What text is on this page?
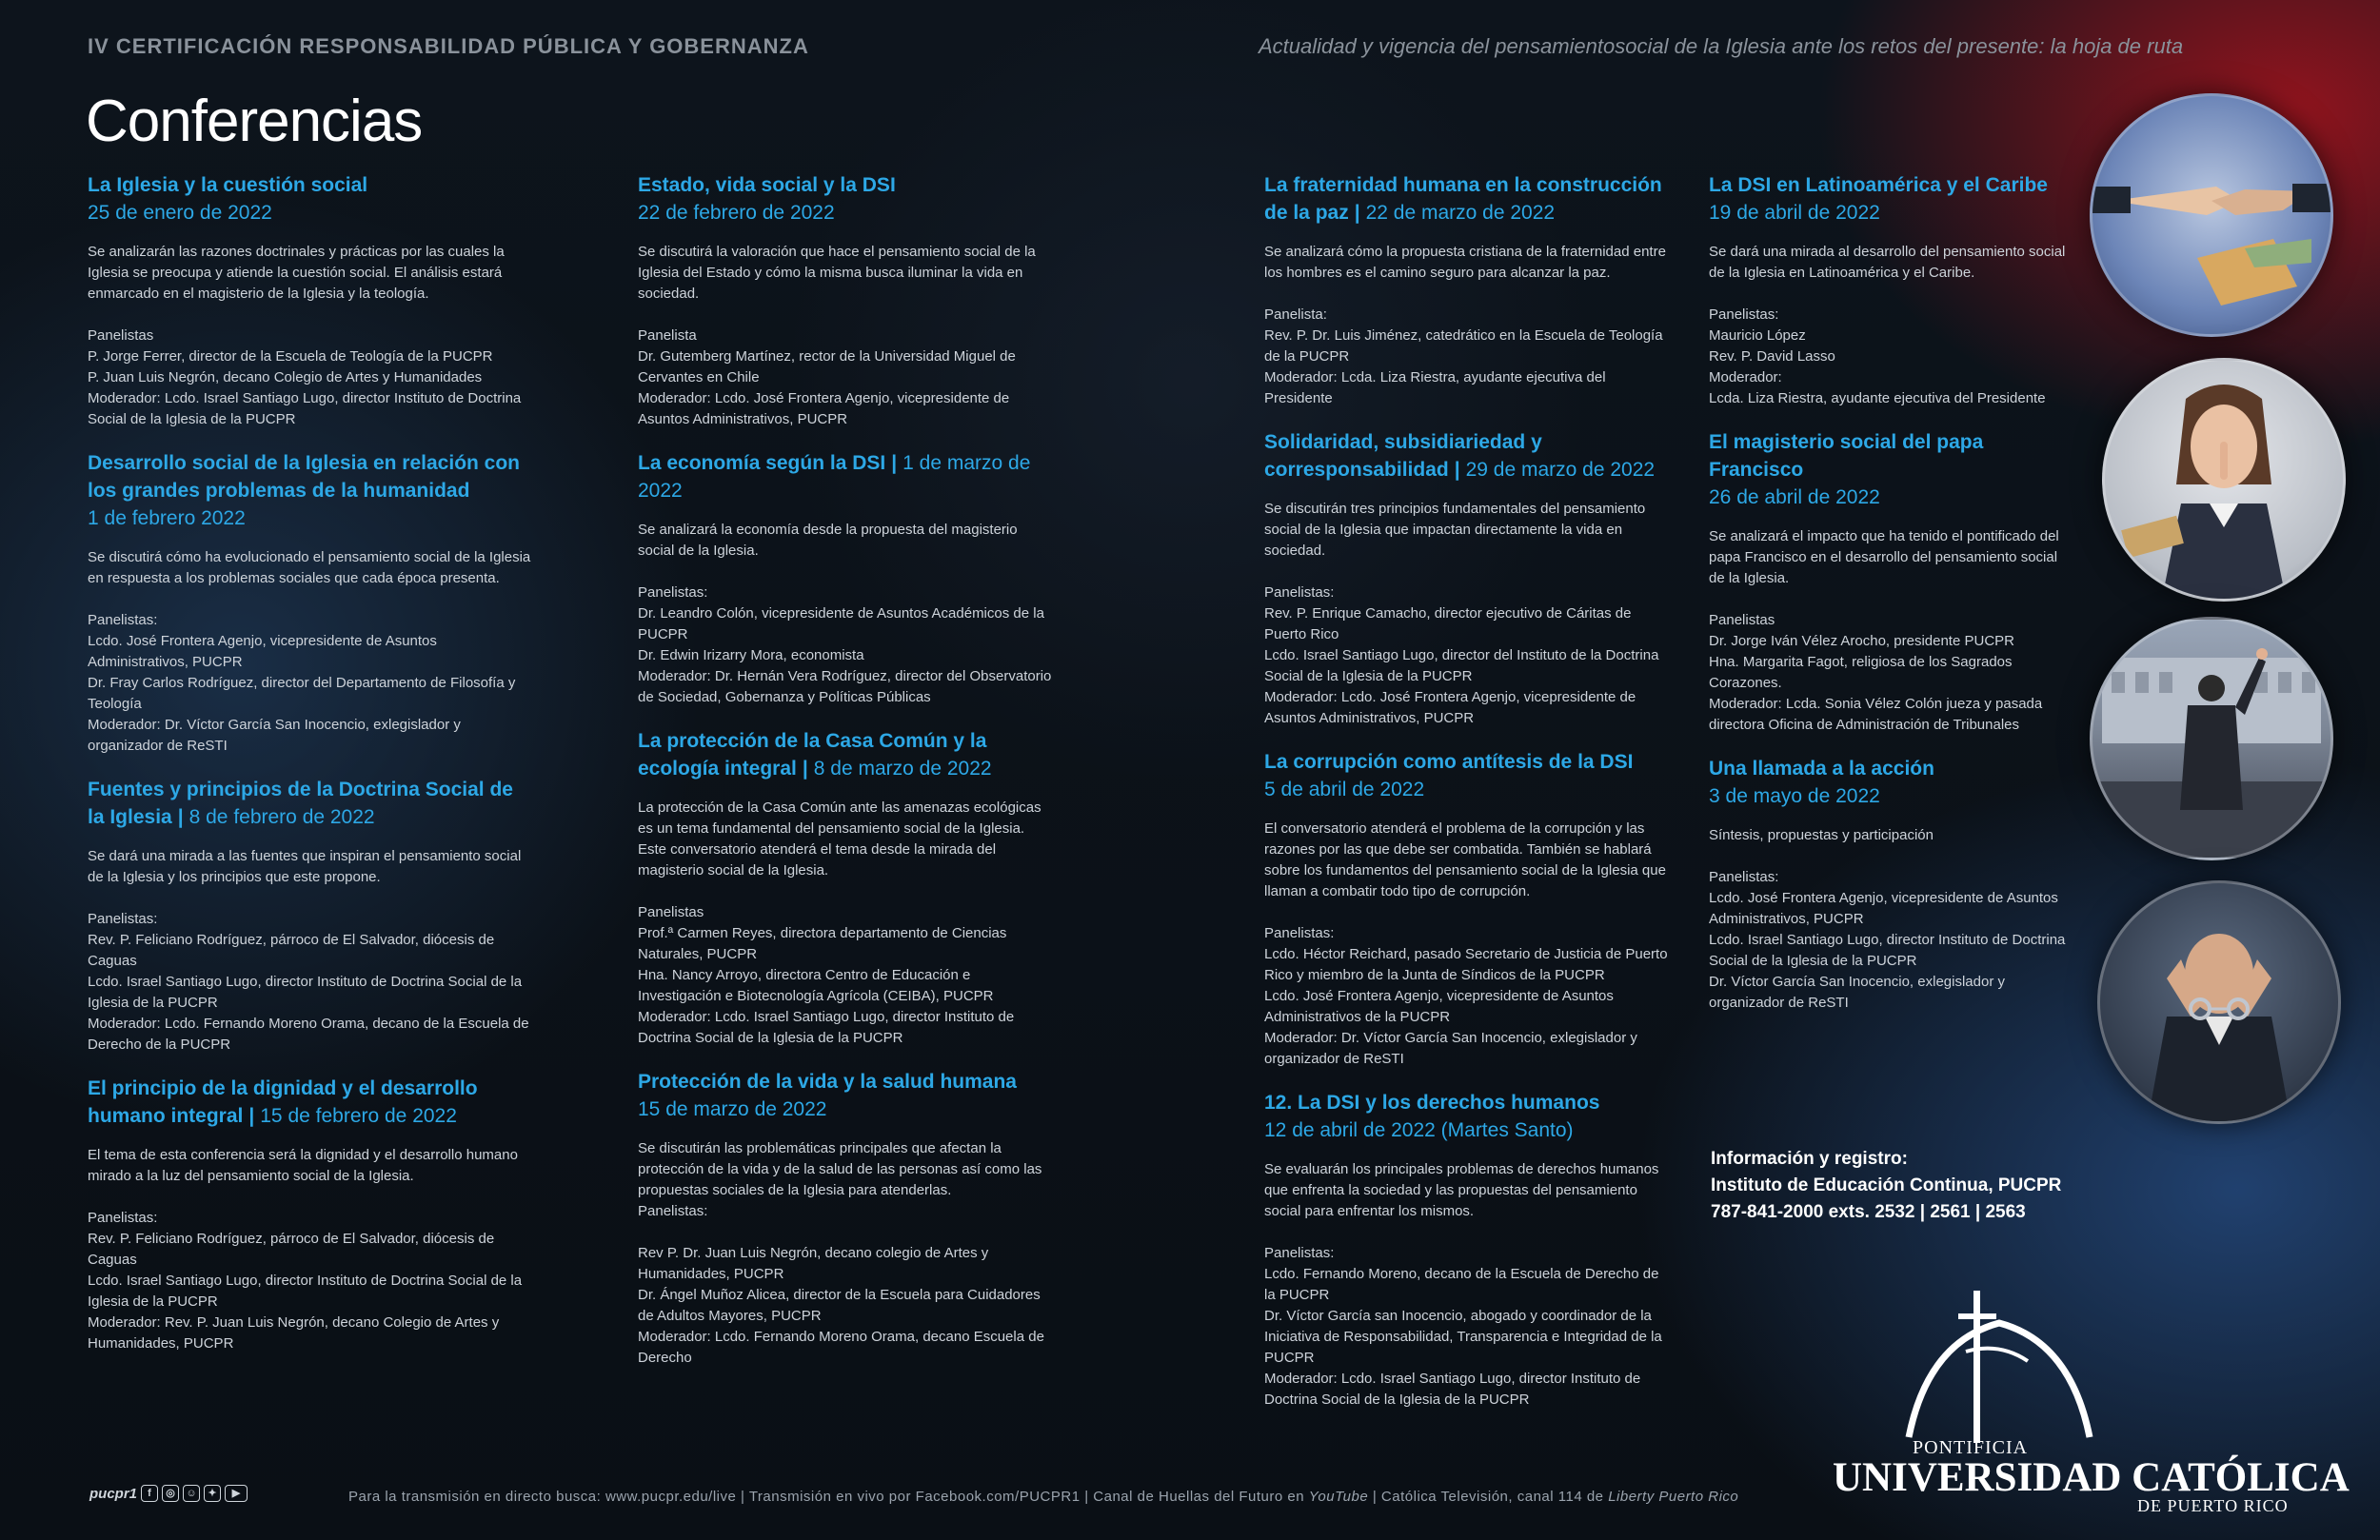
IV CERTIFICACIÓN RESPONSABILIDAD PÚBLICA Y GOBERNANZA	Actualidad y vigencia del pensamientosocial de la Iglesia ante los retos del presente: la hoja de ruta
Conferencias
La Iglesia y la cuestión social
25 de enero de 2022
Se analizarán las razones doctrinales y prácticas por las cuales la Iglesia se preocupa y atiende la cuestión social. El análisis estará enmarcado en el magisterio de la Iglesia y la teología.
Panelistas
P. Jorge Ferrer, director de la Escuela de Teología de la PUCPR
P. Juan Luis Negrón, decano Colegio de Artes y Humanidades
Moderador: Lcdo. Israel Santiago Lugo, director Instituto de Doctrina Social de la Iglesia de la PUCPR
Desarrollo social de la Iglesia en relación con los grandes problemas de la humanidad
1 de febrero 2022
Se discutirá cómo ha evolucionado el pensamiento social de la Iglesia en respuesta a los problemas sociales que cada época presenta.
Panelistas:
Lcdo. José Frontera Agenjo, vicepresidente de Asuntos Administrativos, PUCPR
Dr. Fray Carlos Rodríguez, director del Departamento de Filosofía y Teología
Moderador: Dr. Víctor García San Inocencio, exlegislador y organizador de ReSTI
Fuentes y principios de la Doctrina Social de la Iglesia | 8 de febrero de 2022
Se dará una mirada a las fuentes que inspiran el pensamiento social de la Iglesia y los principios que este propone.
Panelistas:
Rev. P. Feliciano Rodríguez, párroco de El Salvador, diócesis de Caguas
Lcdo. Israel Santiago Lugo, director Instituto de Doctrina Social de la Iglesia de la PUCPR
Moderador: Lcdo. Fernando Moreno Orama, decano de la Escuela de Derecho de la PUCPR
El principio de la dignidad y el desarrollo humano integral | 15 de febrero de 2022
El tema de esta conferencia será la dignidad y el desarrollo humano mirado a la luz del pensamiento social de la Iglesia.
Panelistas:
Rev. P. Feliciano Rodríguez, párroco de El Salvador, diócesis de Caguas
Lcdo. Israel Santiago Lugo, director Instituto de Doctrina Social de la Iglesia de la PUCPR
Moderador: Rev. P. Juan Luis Negrón, decano Colegio de Artes y Humanidades, PUCPR
Estado, vida social y la DSI
22 de febrero de 2022
Se discutirá la valoración que hace el pensamiento social de la Iglesia del Estado y cómo la misma busca iluminar la vida en sociedad.
Panelista
Dr. Gutemberg Martínez, rector de la Universidad Miguel de Cervantes en Chile
Moderador: Lcdo. José Frontera Agenjo, vicepresidente de Asuntos Administrativos, PUCPR
La economía según la DSI | 1 de marzo de 2022
Se analizará la economía desde la propuesta del magisterio social de la Iglesia.
Panelistas:
Dr. Leandro Colón, vicepresidente de Asuntos Académicos de la PUCPR
Dr. Edwin Irizarry Mora, economista
Moderador: Dr. Hernán Vera Rodríguez, director del Observatorio de Sociedad, Gobernanza y Políticas Públicas
La protección de la Casa Común y la ecología integral | 8 de marzo de 2022
La protección de la Casa Común ante las amenazas ecológicas es un tema fundamental del pensamiento social de la Iglesia. Este conversatorio atenderá el tema desde la mirada del magisterio social de la Iglesia.
Panelistas
Prof.ª Carmen Reyes, directora departamento de Ciencias Naturales, PUCPR
Hna. Nancy Arroyo, directora Centro de Educación e Investigación e Biotecnología Agrícola (CEIBA), PUCPR
Moderador: Lcdo. Israel Santiago Lugo, director Instituto de Doctrina Social de la Iglesia de la PUCPR
Protección de la vida y la salud humana
15 de marzo de 2022
Se discutirán las problemáticas principales que afectan la protección de la vida y de la salud de las personas así como las propuestas sociales de la Iglesia para atenderlas.
Panelistas:
Rev P. Dr. Juan Luis Negrón, decano colegio de Artes y Humanidades, PUCPR
Dr. Ángel Muñoz Alicea, director de la Escuela para Cuidadores de Adultos Mayores, PUCPR
Moderador: Lcdo. Fernando Moreno Orama, decano Escuela de Derecho
La fraternidad humana en la construcción de la paz | 22 de marzo de 2022
Se analizará cómo la propuesta cristiana de la fraternidad entre los hombres es el camino seguro para alcanzar la paz.
Panelista:
Rev. P. Dr. Luis Jiménez, catedrático en la Escuela de Teología de la PUCPR
Moderador: Lcda. Liza Riestra, ayudante ejecutiva del Presidente
Solidaridad, subsidiariedad y corresponsabilidad | 29 de marzo de 2022
Se discutirán tres principios fundamentales del pensamiento social de la Iglesia que impactan directamente la vida en sociedad.
Panelistas:
Rev. P. Enrique Camacho, director ejecutivo de Cáritas de Puerto Rico
Lcdo. Israel Santiago Lugo, director del Instituto de la Doctrina Social de la Iglesia de la PUCPR
Moderador: Lcdo. José Frontera Agenjo, vicepresidente de Asuntos Administrativos, PUCPR
La corrupción como antítesis de la DSI
5 de abril de 2022
El conversatorio atenderá el problema de la corrupción y las razones por las que debe ser combatida. También se hablará sobre los fundamentos del pensamiento social de la Iglesia que llaman a combatir todo tipo de corrupción.
Panelistas:
Lcdo. Héctor Reichard, pasado Secretario de Justicia de Puerto Rico y miembro de la Junta de Síndicos de la PUCPR
Lcdo. José Frontera Agenjo, vicepresidente de Asuntos Administrativos de la PUCPR
Moderador: Dr. Víctor García San Inocencio, exlegislador y organizador de ReSTI
12. La DSI y los derechos humanos
12 de abril de 2022 (Martes Santo)
Se evaluarán los principales problemas de derechos humanos que enfrenta la sociedad y las propuestas del pensamiento social para enfrentar los mismos.
Panelistas:
Lcdo. Fernando Moreno, decano de la Escuela de Derecho de la PUCPR
Dr. Víctor García san Inocencio, abogado y coordinador de la Iniciativa de Responsabilidad, Transparencia e Integridad de la PUCPR
Moderador: Lcdo. Israel Santiago Lugo, director Instituto de Doctrina Social de la Iglesia de la PUCPR
La DSI en Latinoamérica y el Caribe
19 de abril de 2022
Se dará una mirada al desarrollo del pensamiento social de la Iglesia en Latinoamérica y el Caribe.
Panelistas:
Mauricio López
Rev. P. David Lasso
Moderador:
Lcda. Liza Riestra, ayudante ejecutiva del Presidente
El magisterio social del papa Francisco
26 de abril de 2022
Se analizará el impacto que ha tenido el pontificado del papa Francisco en el desarrollo del pensamiento social de la Iglesia.
Panelistas
Dr. Jorge Iván Vélez Arocho, presidente PUCPR
Hna. Margarita Fagot, religiosa de los Sagrados Corazones.
Moderador: Lcda. Sonia Vélez Colón jueza y pasada directora Oficina de Administración de Tribunales
Una llamada a la acción
3 de mayo de 2022
Síntesis, propuestas y participación
Panelistas:
Lcdo. José Frontera Agenjo, vicepresidente de Asuntos Administrativos, PUCPR
Lcdo. Israel Santiago Lugo, director Instituto de Doctrina Social de la Iglesia de la PUCPR
Dr. Víctor García San Inocencio, exlegislador y organizador de ReSTI
Información y registro:
Instituto de Educación Continua, PUCPR
787-841-2000 exts. 2532 | 2561 | 2563
pucpr1	f	◎	☺	✦	▶	Para la transmisión en directo busca: www.pucpr.edu/live | Transmisión en vivo por Facebook.com/PUCPR1 | Canal de Huellas del Futuro en YouTube | Católica Televisión, canal 114 de Liberty Puerto Rico
PONTIFICIA
UNIVERSIDAD CATÓLICA
DE PUERTO RICO
